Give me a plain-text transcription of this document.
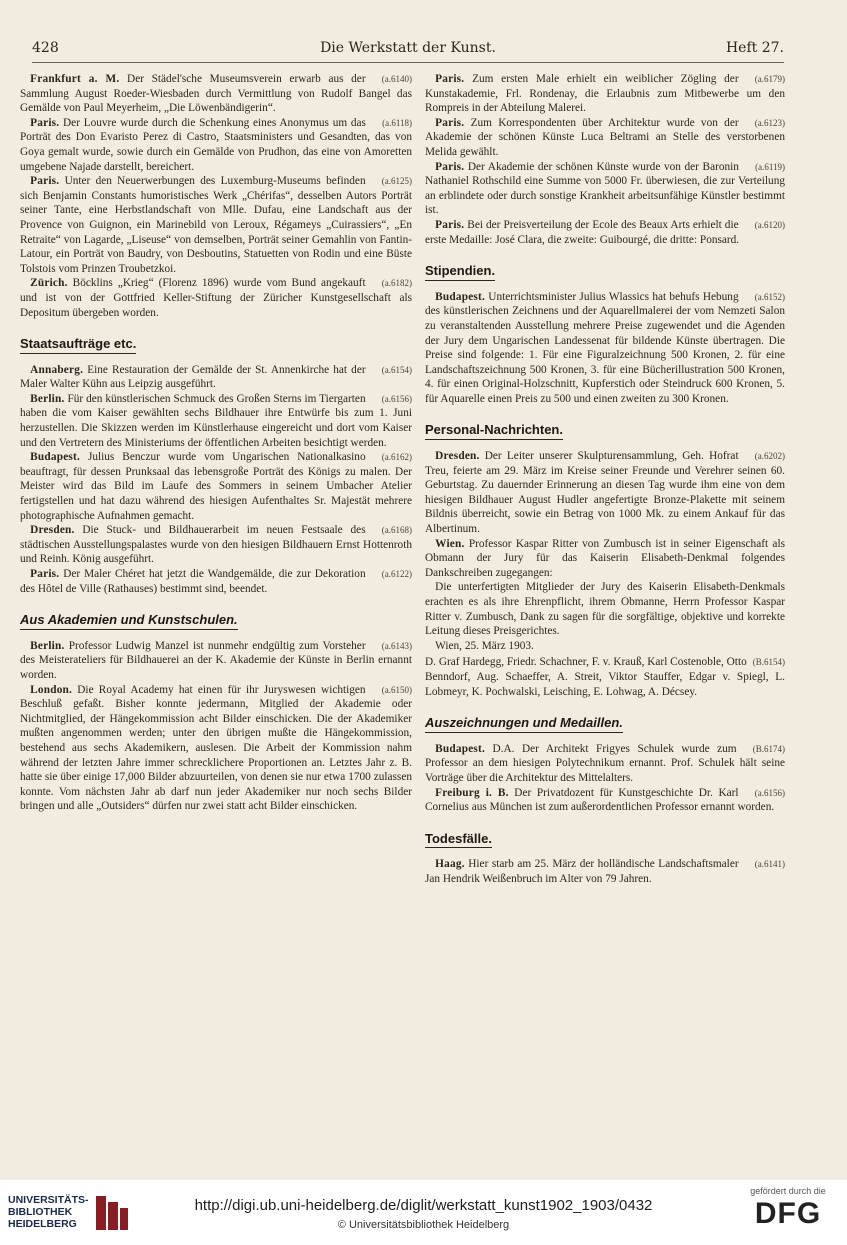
428	Die Werkstatt der Kunst.	Heft 27.

(a.6140)
Frankfurt a. M. Der Städel'sche Museumsverein erwarb aus der Sammlung August Roeder-Wiesbaden durch Vermittlung von Rudolf Bangel das Gemälde von Paul Meyerheim, „Die Löwenbändigerin“.

(a.6118)
Paris. Der Louvre wurde durch die Schenkung eines Anonymus um das Porträt des Don Evaristo Perez di Castro, Staatsministers und Gesandten, das von Goya gemalt wurde, sowie durch ein Gemälde von Prudhon, das eine von Amoretten umgebene Najade darstellt, bereichert.

(a.6125)
Paris. Unter den Neuerwerbungen des Luxemburg-Museums befinden sich Benjamin Constants humoristisches Werk „Chérifas“, desselben Autors Porträt seiner Tante, eine Herbstlandschaft von Mlle. Dufau, eine Landschaft aus der Provence von Guignon, ein Marinebild von Leroux, Régameys „Cuirassiers“, „En Retraite“ von Lagarde, „Liseuse“ von demselben, Porträt seiner Gemahlin von Fantin-Latour, ein Porträt von Baudry, von Desboutins, Statuetten von Rodin und eine Büste Tolstois vom Prinzen Troubetzkoi.

(a.6182)
Zürich. Böcklins „Krieg“ (Florenz 1896) wurde vom Bund angekauft und ist von der Gottfried Keller-Stiftung der Züricher Kunstgesellschaft als Depositum übergeben worden.

Staatsaufträge etc.

(a.6154)
Annaberg. Eine Restauration der Gemälde der St. Annenkirche hat der Maler Walter Kühn aus Leipzig ausgeführt.

(a.6156)
Berlin. Für den künstlerischen Schmuck des Großen Sterns im Tiergarten haben die vom Kaiser gewählten sechs Bildhauer ihre Entwürfe bis zum 1. Juni herzustellen. Die Skizzen werden im Künstlerhause eingereicht und dort vom Kaiser und den Vertretern des Ministeriums der öffentlichen Arbeiten besichtigt werden.

(a.6162)
Budapest. Julius Benczur wurde vom Ungarischen Nationalkasino beauftragt, für dessen Prunksaal das lebensgroße Porträt des Königs zu malen. Der Meister wird das Bild im Laufe des Sommers in seinem Umbacher Atelier fertigstellen und hat dazu während des hiesigen Aufenthaltes Sr. Majestät mehrere photographische Aufnahmen gemacht.

(a.6168)
Dresden. Die Stuck- und Bildhauerarbeit im neuen Festsaale des städtischen Ausstellungspalastes wurde von den hiesigen Bildhauern Ernst Hottenroth und Reinh. König ausgeführt.

(a.6122)
Paris. Der Maler Chéret hat jetzt die Wandgemälde, die zur Dekoration des Hôtel de Ville (Rathauses) bestimmt sind, beendet.

Aus Akademien und Kunstschulen.

(a.6143)
Berlin. Professor Ludwig Manzel ist nunmehr endgültig zum Vorsteher des Meisterateliers für Bildhauerei an der K. Akademie der Künste in Berlin ernannt worden.

(a.6150)
London. Die Royal Academy hat einen für ihr Juryswesen wichtigen Beschluß gefaßt. Bisher konnte jedermann, Mitglied der Akademie oder Nichtmitglied, der Hängekommission acht Bilder einschicken. Die der Akademiker mußten angenommen werden; unter den übrigen mußte die Hängekommission, bestehend aus sechs Akademikern, auslesen. Die Arbeit der Kommission nahm während der letzten Jahre immer schrecklichere Proportionen an. Letztes Jahr z. B. hatte sie über einige 17,000 Bilder abzuurteilen, von denen sie nur etwa 1700 zulassen konnte. Vom nächsten Jahr ab darf nun jeder Akademiker nur noch sechs Bilder bringen und alle „Outsiders“ dürfen nur zwei statt acht Bilder einschicken.

(a.6179)
Paris. Zum ersten Male erhielt ein weiblicher Zögling der Kunstakademie, Frl. Rondenay, die Erlaubnis zum Mitbewerbe um den Rompreis in der Abteilung Malerei.

(a.6123)
Paris. Zum Korrespondenten über Architektur wurde von der Akademie der schönen Künste Luca Beltrami an Stelle des verstorbenen Melida gewählt.

(a.6119)
Paris. Der Akademie der schönen Künste wurde von der Baronin Nathaniel Rothschild eine Summe von 5000 Fr. überwiesen, die zur Verteilung an erblindete oder durch sonstige Krankheit arbeitsunfähige Künstler bestimmt ist.

(a.6120)
Paris. Bei der Preisverteilung der Ecole des Beaux Arts erhielt die erste Medaille: José Clara, die zweite: Guibourgé, die dritte: Ponsard.

Stipendien.

(a.6152)
Budapest. Unterrichtsminister Julius Wlassics hat behufs Hebung des künstlerischen Zeichnens und der Aquarellmalerei der vom Nemzeti Salon zu veranstaltenden Ausstellung mehrere Preise zugewendet und die Agenden der Jury dem Ungarischen Landessenat für bildende Künste übertragen. Die Preise sind folgende: 1. Für eine Figuralzeichnung 500 Kronen, 2. für eine Landschaftszeichnung 500 Kronen, 3. für eine Bücherillustration 500 Kronen, 4. für einen Original-Holzschnitt, Kupferstich oder Steindruck 600 Kronen, 5. für Aquarelle einen Preis zu 500 und einen zweiten zu 300 Kronen.

Personal-Nachrichten.

(a.6202)
Dresden. Der Leiter unserer Skulpturensammlung, Geh. Hofrat Treu, feierte am 29. März im Kreise seiner Freunde und Verehrer seinen 60. Geburtstag. Zu dauernder Erinnerung an diesen Tag wurde ihm eine von dem hiesigen Bildhauer August Hudler angefertigte Bronze-Plakette mit seinem Bildnis überreicht, sowie ein Betrag von 1000 Mk. zu einem Ankauf für das Albertinum.

Wien. Professor Kaspar Ritter von Zumbusch ist in seiner Eigenschaft als Obmann der Jury für das Kaiserin Elisabeth-Denkmal folgendes Dankschreiben zugegangen:

Die unterfertigten Mitglieder der Jury des Kaiserin Elisabeth-Denkmals erachten es als ihre Ehrenpflicht, ihrem Obmanne, Herrn Professor Kaspar Ritter v. Zumbusch, Dank zu sagen für die sorgfältige, objektive und korrekte Leitung dieses Preisgerichtes.

Wien, 25. März 1903.

(B.6154)
D. Graf Hardegg, Friedr. Schachner, F. v. Krauß, Karl Costenoble, Otto Benndorf, Aug. Schaeffer, A. Streit, Viktor Stauffer, Edgar v. Spiegl, L. Lobmeyr, K. Pochwalski, Leisching, E. Lohwag, A. Décsey.

Auszeichnungen und Medaillen.

(B.6174)
Budapest. D.A. Der Architekt Frigyes Schulek wurde zum Professor an dem hiesigen Polytechnikum ernannt. Prof. Schulek hält seine Vorträge über die Architektur des Mittelalters.

(a.6156)
Freiburg i. B. Der Privatdozent für Kunstgeschichte Dr. Karl Cornelius aus München ist zum außerordentlichen Professor ernannt worden.

Todesfälle.

(a.6141)
Haag. Hier starb am 25. März der holländische Landschaftsmaler Jan Hendrik Weißenbruch im Alter von 79 Jahren.

UNIVERSITÄTS-
BIBLIOTHEK
HEIDELBERG
http://digi.ub.uni-heidelberg.de/diglit/werkstatt_kunst1902_1903/0432
© Universitätsbibliothek Heidelberg
gefördert durch die
DFG
